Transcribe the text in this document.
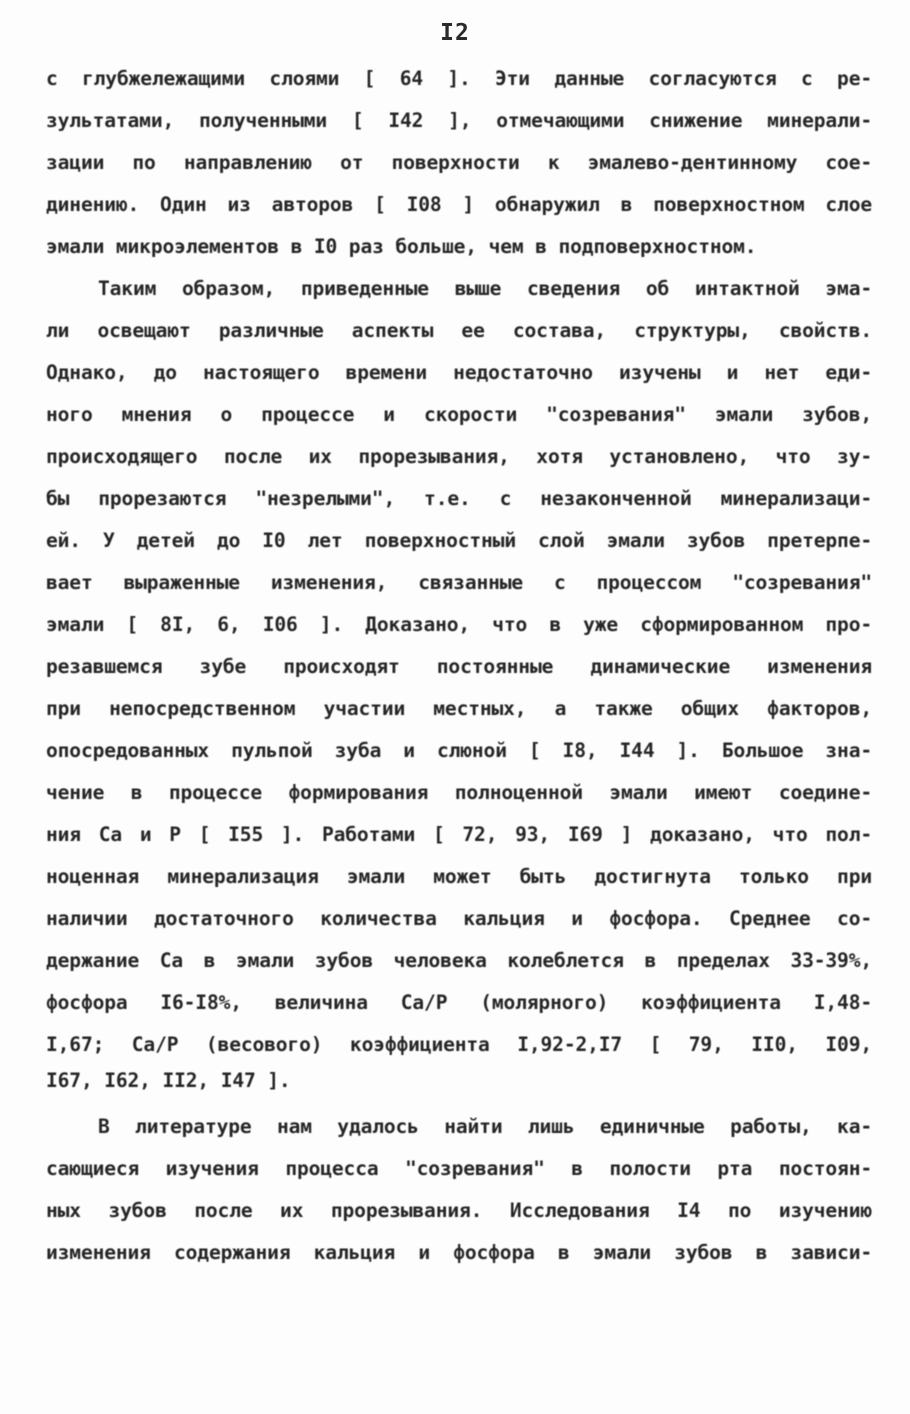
I2
с глубжележащими слоями [ 64 ]. Эти данные согласуются с ре-
зультатами, полученными [ I42 ], отмечающими снижение минерали-
зации по направлению от поверхности к эмалево-дентинному сое-
динению. Один из авторов [ I08 ] обнаружил в поверхностном слое
эмали микроэлементов в I0 раз больше, чем в подповерхностном.
Таким образом, приведенные выше сведения об интактной эма-
ли освещают различные аспекты ее состава, структуры, свойств.
Однако, до настоящего времени недостаточно изучены и нет еди-
ного мнения о процессе и скорости "созревания" эмали зубов,
происходящего после их прорезывания, хотя установлено, что зу-
бы прорезаются "незрелыми", т.е. с незаконченной минерализаци-
ей. У детей до I0 лет поверхностный слой эмали зубов претерпе-
вает выраженные изменения, связанные с процессом "созревания"
эмали [ 8I, 6, I06 ]. Доказано, что в уже сформированном про-
резавшемся зубе происходят постоянные динамические изменения
при непосредственном участии местных, а также общих факторов,
опосредованных пульпой зуба и слюной [ I8, I44 ]. Большое зна-
чение в процессе формирования полноценной эмали имеют соедине-
ния Са и Р [ I55 ]. Работами [ 72, 93, I69 ] доказано, что пол-
ноценная минерализация эмали может быть достигнута только при
наличии достаточного количества кальция и фосфора. Среднее со-
держание Са в эмали зубов человека колеблется в пределах 33-39%,
фосфора I6-I8%, величина Са/Р (молярного) коэффициента I,48-
I,67; Са/Р (весового) коэффициента I,92-2,I7 [ 79, II0, I09,
I67, I62, II2, I47 ].
В литературе нам удалось найти лишь единичные работы, ка-
сающиеся изучения процесса "созревания" в полости рта постоян-
ных зубов после их прорезывания. Исследования I4 по изучению
изменения содержания кальция и фосфора в эмали зубов в зависи-
